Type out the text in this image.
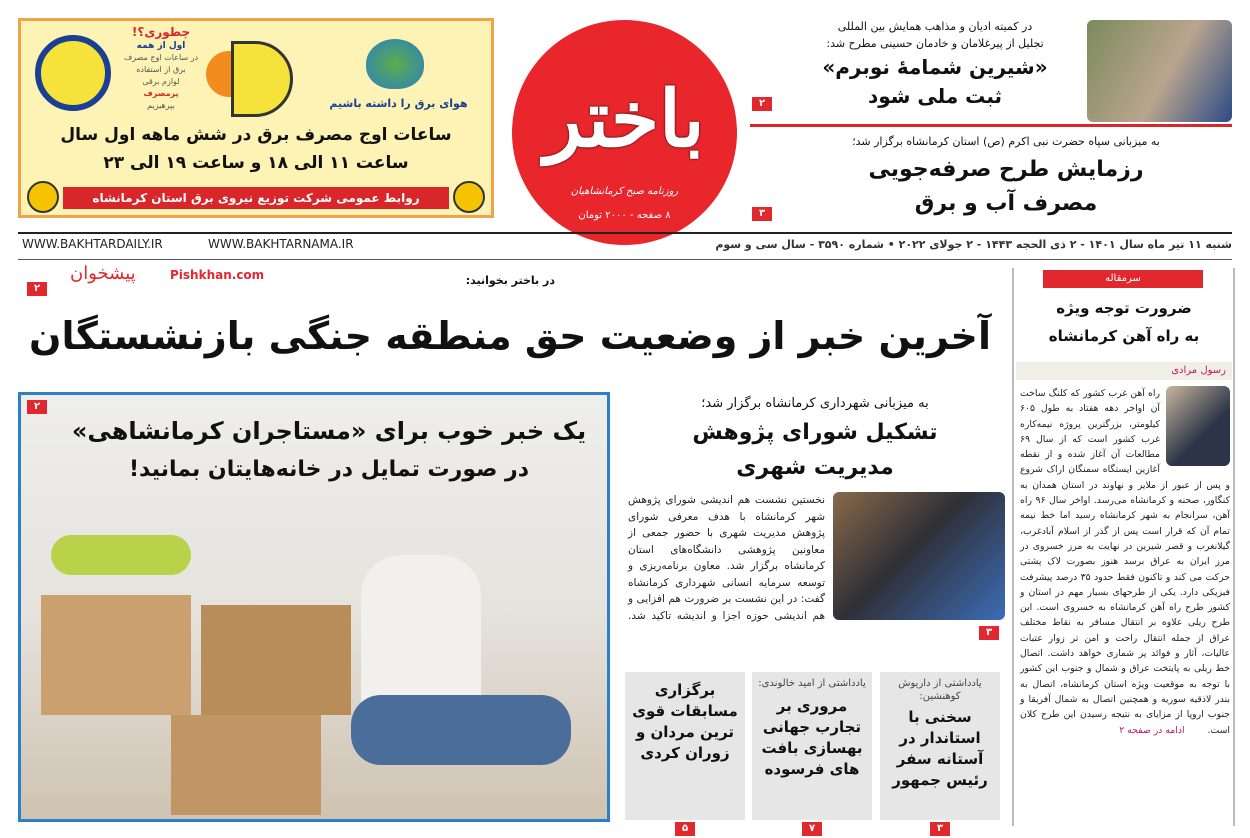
چطوری؟!
اول از همه
در ساعات اوج مصرف
برق از استفاده
لوازم برقی
پرمصرف
بپرهیزیم	هوای برق را داشته باشیم
ساعات اوج مصرف برق در شش ماهه اول سال
ساعت ۱۱ الی ۱۸ و ساعت ۱۹ الی ۲۳
روابط عمومی شرکت توزیع نیروی برق استان کرمانشاه
باختر
روزنامه صبح کرمانشاهیان
۸ صفحه - ۲۰۰۰ تومان
در کمیته ادیان و مذاهب همایش بین المللی
تجلیل از پیرغلامان و خادمان حسینی مطرح شد:
«شیرین شمامهٔ نوبرم»
ثبت ملی شود
۲
به میزبانی سپاه حضرت نبی اکرم (ص) استان کرمانشاه برگزار شد؛
رزمایش طرح صرفه‌جویی
مصرف آب و برق
۳
شنبه ۱۱ تیر ماه سال ۱۴۰۱ - ۲ ذی الحجه ۱۴۴۳ - ۲ جولای ۲۰۲۲ • شماره ۳۵۹۰ - سال سی و سوم
WWW.BAKHTARDAILY.IR	WWW.BAKHTARNAMA.IR
در باختر بخوانید:
۲
پیشخوان	Pishkhan.com
آخرین خبر از وضعیت حق منطقه جنگی بازنشستگان
یک خبر خوب برای «مستاجران کرمانشاهی»
در صورت تمایل در خانه‌هایتان بمانید!
۲	به میزبانی شهرداری کرمانشاه برگزار شد؛
تشکیل شورای پژوهش
مدیریت شهری
نخستین نشست هم اندیشی شورای پژوهش شهر کرمانشاه با هدف معرفی شورای پژوهش مدیریت شهری با حضور جمعی از معاونین پژوهشی دانشگاه‌های استان کرمانشاه برگزار شد. معاون برنامه‌ریزی و توسعه سرمایه انسانی شهرداری کرمانشاه گفت: در این نشست بر ضرورت هم افزایی و هم اندیشی حوزه اجزا و اندیشه تاکید شد. ۳
یادداشتی از داریوش کوهنشین:
سخنی با استاندار در آستانه سفر رئیس جمهور
۳
یادداشتی از امید خالوندی:
مروری بر تجارب جهانی بهسازی بافت های فرسوده
۷
برگزاری مسابقات قوی ترین مردان و زوران کردی
۵
سرمقاله
ضرورت توجه ویژه
به راه آهن کرمانشاه
رسول مرادی
راه آهن غرب کشور که کلنگ ساخت آن اواخر دهه هفتاد به طول ۶۰۵ کیلومتر، بزرگترین پروژه نیمه‌کاره غرب کشور است که از سال ۶۹ مطالعات آن آغاز شده و از نقطه آغازین ایستگاه سمنگان اراک شروع و پس از عبور از ملایر و نهاوند در استان همدان به کنگاور، صحنه و کرمانشاه می‌رسد. اواخر سال ۹۶ راه آهن، سرانجام به شهر کرمانشاه رسید اما خط نیمه تمام آن که قرار است پس از گذر از اسلام آبادغرب، گیلانغرب و قصر شیرین در نهایت به مرز خسروی در مرز ایران به عراق برسد هنوز بصورت لاک پشتی حرکت می کند و تاکنون فقط حدود ۳۵ درصد پیشرفت فیزیکی دارد. یکی از طرحهای بسیار مهم در استان و کشور طرح راه آهن کرمانشاه به خسروی است. این طرح ریلی علاوه بر انتقال مسافر به نقاط مختلف عراق از جمله انتقال راحت و امن تر زوار عتبات عالیات، آثار و فوائد پر شماری خواهد داشت. اتصال خط ریلی به پایتخت عراق و شمال و جنوب این کشور با توجه به موقعیت ویژه استان کرمانشاه، اتصال به بندر لاذقیه سوریه و همچنین اتصال به شمال آفریقا و جنوب اروپا از مزایای به نتیجه رسیدن این طرح کلان است. ادامه در صفحه ۲
